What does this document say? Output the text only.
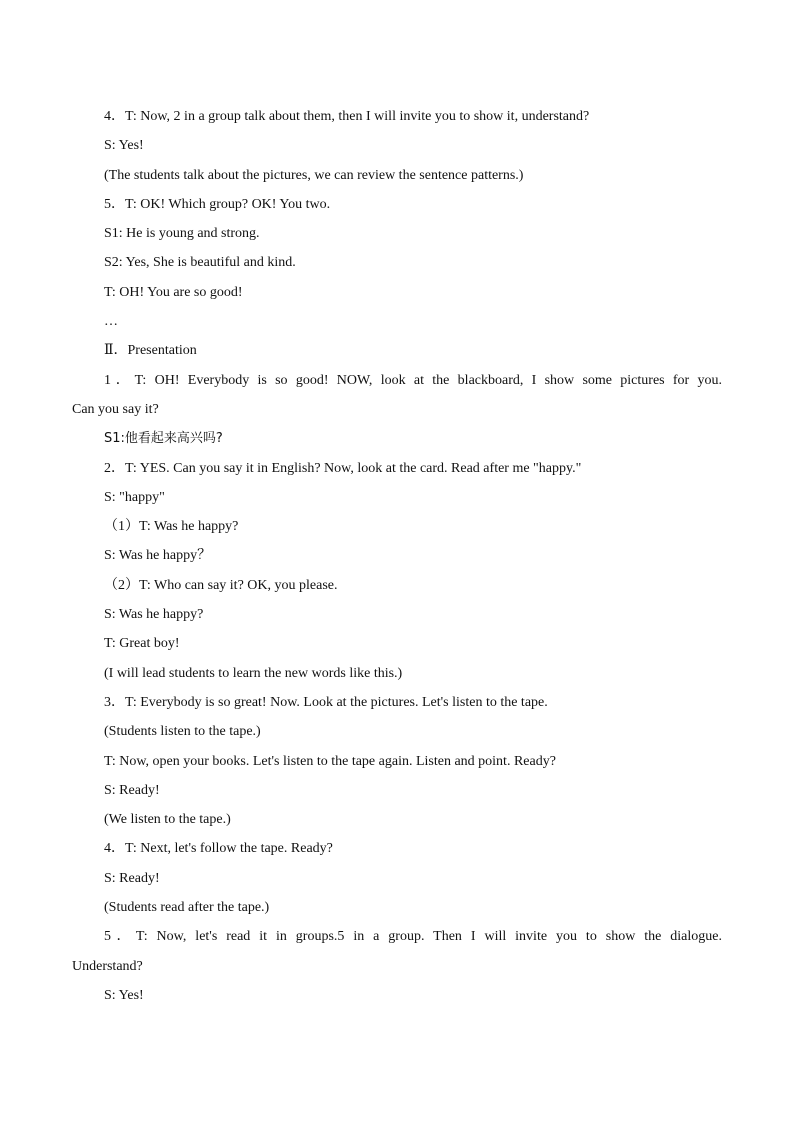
4．T: Now, 2 in a group talk about them, then I will invite you to show it, understand?

S: Yes!

(The students talk about the pictures, we can review the sentence patterns.)

5．T: OK! Which group? OK! You two.

S1: He is young and strong.

S2: Yes, She is beautiful and kind.

T: OH! You are so good!

…

Ⅱ．Presentation

1．T: OH! Everybody is so good! NOW, look at the blackboard, I show some pictures for you.

Can you say it?

S1:他看起来高兴吗?

2．T: YES. Can you say it in English? Now, look at the card. Read after me "happy."

S: "happy"

（1）T: Was he happy?

S: Was he happy？

（2）T: Who can say it? OK, you please.

S: Was he happy?

T: Great boy!

(I will lead students to learn the new words like this.)

3．T: Everybody is so great! Now. Look at the pictures. Let's listen to the tape.

(Students listen to the tape.)

T: Now, open your books. Let's listen to the tape again. Listen and point. Ready?

S: Ready!

(We listen to the tape.)

4．T: Next, let's follow the tape. Ready?

S: Ready!

(Students read after the tape.)

5．T: Now, let's read it in groups.5 in a group. Then I will invite you to show the dialogue.

Understand?

S: Yes!
